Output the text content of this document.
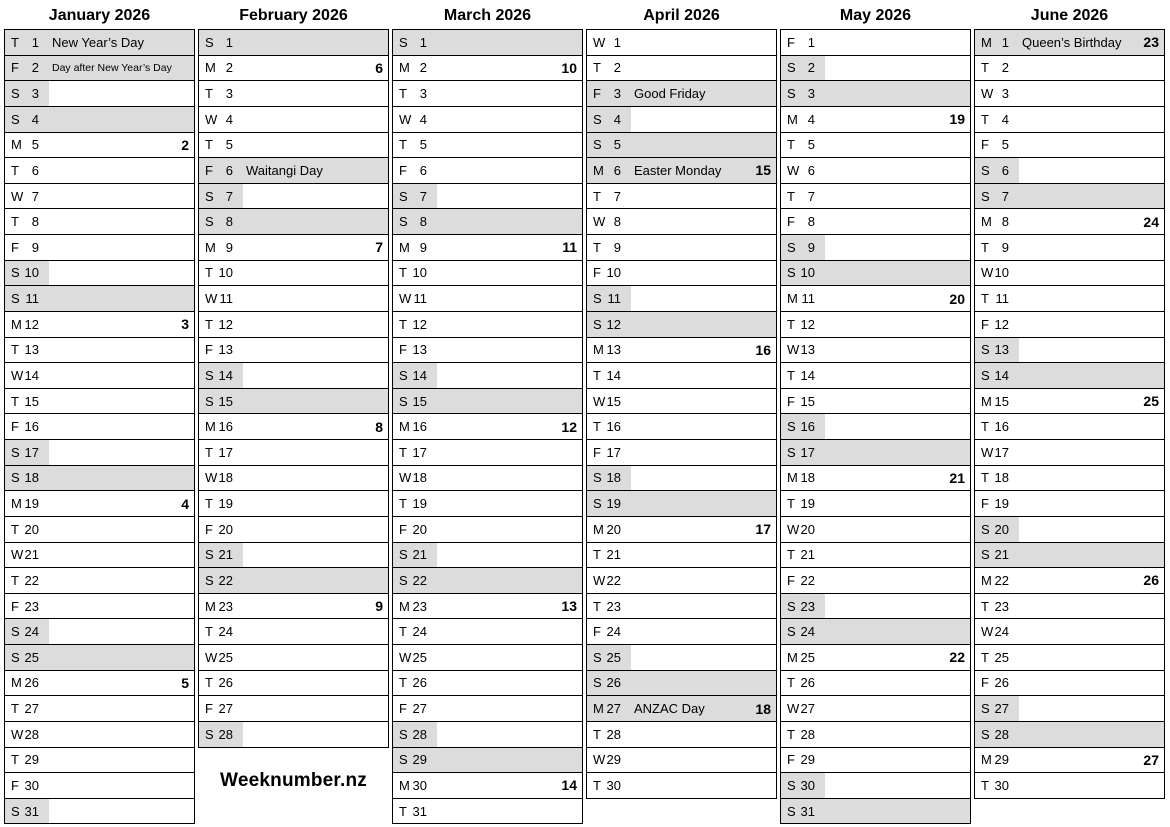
January 2026
T 1 New Year’s Day
F 2 Day after New Year’s Day
S 3
S 4
M 5	2
T 6
W 7
T 8
F 9
S 10
S 11
M 12	3
T 13
W 14
T 15
F 16
S 17
S 18
M 19	4
T 20
W 21
T 22
F 23
S 24
S 25
M 26	5
T 27
W 28
T 29
F 30
S 31
February 2026
S 1
M 2	6
T 3
W 4
T 5
F 6 Waitangi Day
S 7
S 8
M 9	7
T 10
W 11
T 12
F 13
S 14
S 15
M 16	8
T 17
W 18
T 19
F 20
S 21
S 22
M 23	9
T 24
W 25
T 26
F 27
S 28
Weeknumber.nz
March 2026
S 1
M 2	10
T 3
W 4
T 5
F 6
S 7
S 8
M 9	11
T 10
W 11
T 12
F 13
S 14
S 15
M 16	12
T 17
W 18
T 19
F 20
S 21
S 22
M 23	13
T 24
W 25
T 26
F 27
S 28
S 29
M 30	14
T 31
April 2026
W 1
T 2
F 3 Good Friday
S 4
S 5
M 6 Easter Monday 15
T 7
W 8
T 9
F 10
S 11
S 12
M 13	16
T 14
W 15
T 16
F 17
S 18
S 19
M 20	17
T 21
W 22
T 23
F 24
S 25
S 26
M 27 ANZAC Day	18
T 28
W 29
T 30
May 2026
F 1
S 2
S 3
M 4	19
T 5
W 6
T 7
F 8
S 9
S 10
M 11	20
T 12
W 13
T 14
F 15
S 16
S 17
M 18	21
T 19
W 20
T 21
F 22
S 23
S 24
M 25	22
T 26
W 27
T 28
F 29
S 30
S 31
June 2026
M 1 Queen’s Birthday 23
T 2
W 3
T 4
F 5
S 6
S 7
M 8	24
T 9
W 10
T 11
F 12
S 13
S 14
M 15	25
T 16
W 17
T 18
F 19
S 20
S 21
M 22	26
T 23
W 24
T 25
F 26
S 27
S 28
M 29	27
T 30
